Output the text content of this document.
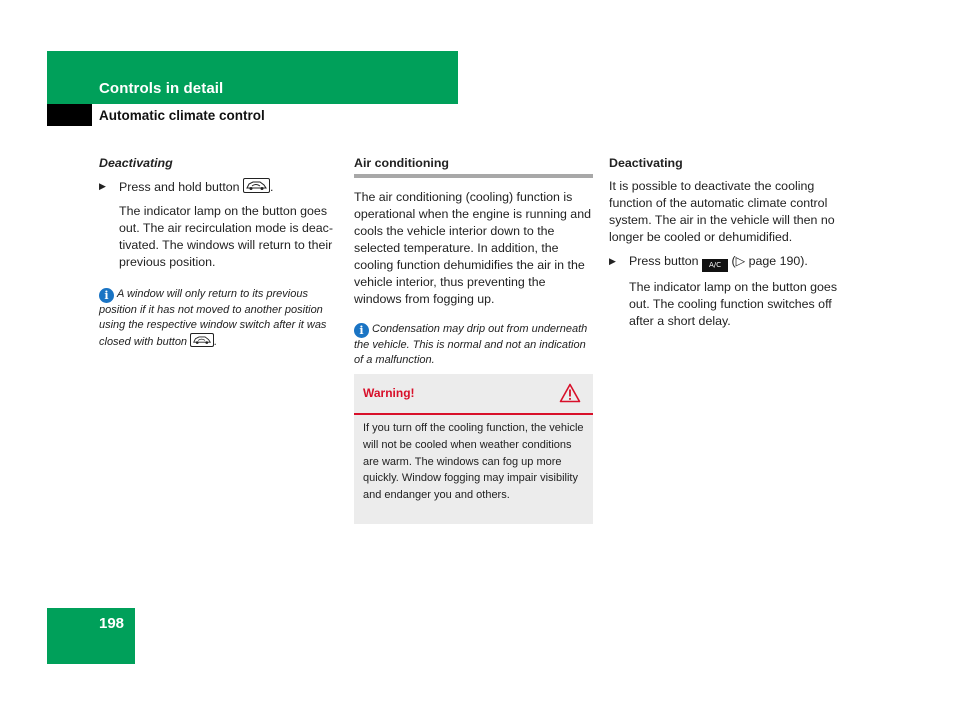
Controls in detail
Automatic climate control
Deactivating
▶ Press and hold button .

The indicator lamp on the button goes out. The air recirculation mode is deac-tivated. The windows will return to their previous position.

i A window will only return to its previous position if it has not moved to another position using the respective window switch after it was closed with button .

Air conditioning

The air conditioning (cooling) function is operational when the engine is running and cools the vehicle interior down to the selected temperature. In addition, the cooling function dehumidifies the air in the vehicle interior, thus preventing the windows from fogging up.

i Condensation may drip out from underneath the vehicle. This is normal and not an indication of a malfunction.

Warning!
If you turn off the cooling function, the vehicle will not be cooled when weather conditions are warm. The windows can fog up more quickly. Window fogging may impair visibility and endanger you and others.
Deactivating

It is possible to deactivate the cooling function of the automatic climate control system. The air in the vehicle will then no longer be cooled or dehumidified.

▶ Press button A/C (▷ page 190).

The indicator lamp on the button goes out. The cooling function switches off after a short delay.

198
